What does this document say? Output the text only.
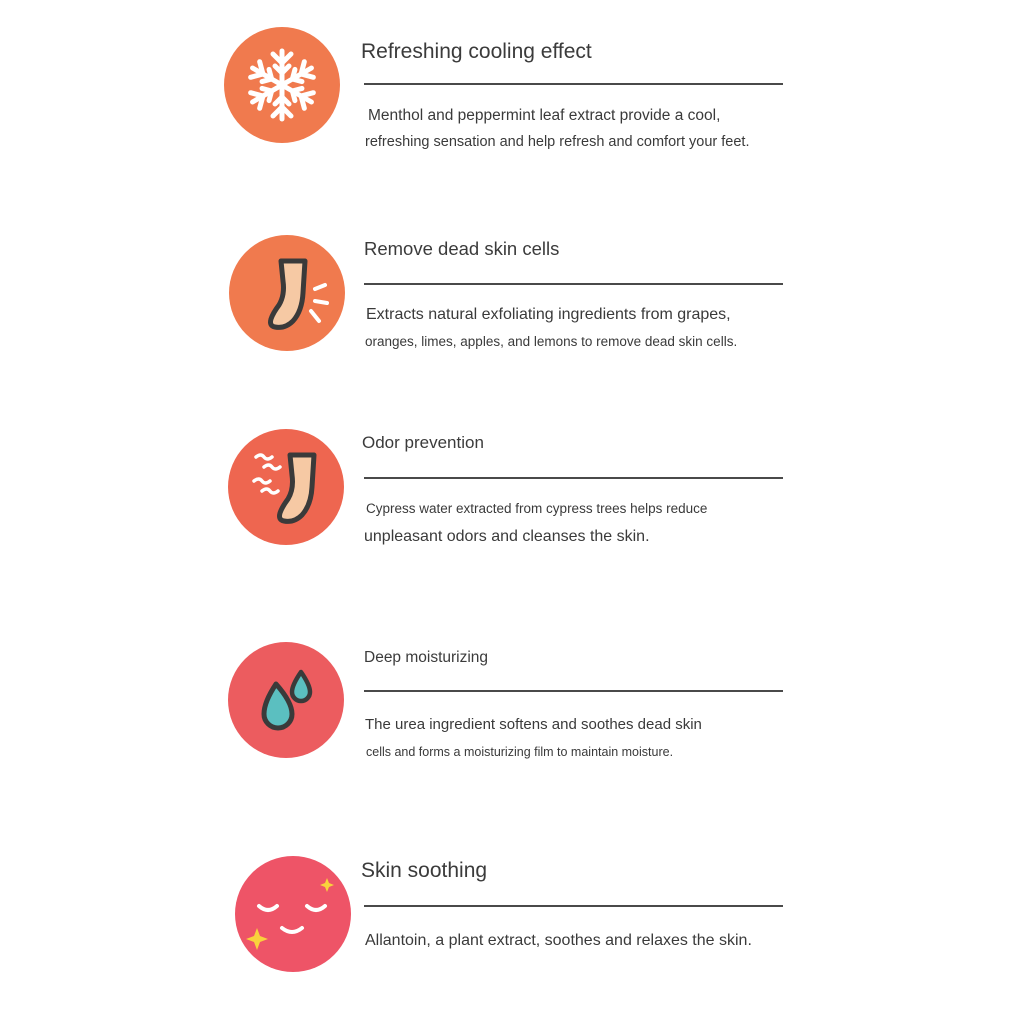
Refreshing cooling effect

Menthol and peppermint leaf extract provide a cool,

refreshing sensation and help refresh and comfort your feet.

Remove dead skin cells

Extracts natural exfoliating ingredients from grapes,

oranges, limes, apples, and lemons to remove dead skin cells.

Odor prevention

Cypress water extracted from cypress trees helps reduce

unpleasant odors and cleanses the skin.

Deep moisturizing

The urea ingredient softens and soothes dead skin

cells and forms a moisturizing film to maintain moisture.

Skin soothing

Allantoin, a plant extract, soothes and relaxes the skin.
